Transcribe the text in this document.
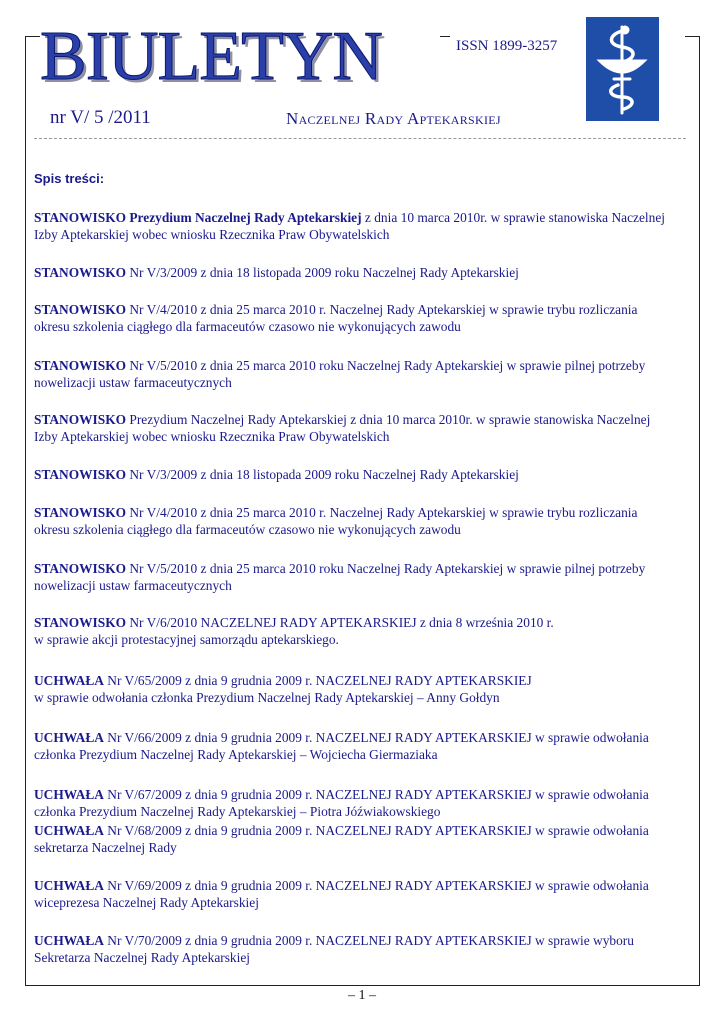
BIULETYN	ISSN 1899-3257
nr V/ 5 /2011	Naczelnej Rady Aptekarskiej
Spis treści:
STANOWISKO Prezydium Naczelnej Rady Aptekarskiej z dnia 10 marca 2010r. w sprawie stanowiska Naczelnej Izby Aptekarskiej wobec wniosku Rzecznika Praw Obywatelskich
STANOWISKO Nr V/3/2009 z dnia 18 listopada 2009 roku Naczelnej Rady Aptekarskiej
STANOWISKO Nr V/4/2010 z dnia 25 marca 2010 r. Naczelnej Rady Aptekarskiej w sprawie trybu rozliczania okresu szkolenia ciągłego dla farmaceutów czasowo nie wykonujących zawodu
STANOWISKO Nr V/5/2010 z dnia 25 marca 2010 roku Naczelnej Rady Aptekarskiej w sprawie pilnej potrzeby nowelizacji ustaw farmaceutycznych
STANOWISKO Prezydium Naczelnej Rady Aptekarskiej z dnia 10 marca 2010r. w sprawie stanowiska Naczelnej Izby Aptekarskiej wobec wniosku Rzecznika Praw Obywatelskich
STANOWISKO Nr V/3/2009 z dnia 18 listopada 2009 roku Naczelnej Rady Aptekarskiej
STANOWISKO Nr V/4/2010 z dnia 25 marca 2010 r. Naczelnej Rady Aptekarskiej w sprawie trybu rozliczania okresu szkolenia ciągłego dla farmaceutów czasowo nie wykonujących zawodu
STANOWISKO Nr V/5/2010 z dnia 25 marca 2010 roku Naczelnej Rady Aptekarskiej w sprawie pilnej potrzeby nowelizacji ustaw farmaceutycznych
STANOWISKO Nr V/6/2010 NACZELNEJ RADY APTEKARSKIEJ z dnia 8 września 2010 r.
w sprawie akcji protestacyjnej samorządu aptekarskiego.
UCHWAŁA Nr V/65/2009 z dnia 9 grudnia 2009 r. NACZELNEJ RADY APTEKARSKIEJ
w sprawie odwołania członka Prezydium Naczelnej Rady Aptekarskiej – Anny Gołdyn
UCHWAŁA Nr V/66/2009 z dnia 9 grudnia 2009 r. NACZELNEJ RADY APTEKARSKIEJ w sprawie odwołania członka Prezydium Naczelnej Rady Aptekarskiej – Wojciecha Giermaziaka
UCHWAŁA Nr V/67/2009 z dnia 9 grudnia 2009 r. NACZELNEJ RADY APTEKARSKIEJ w sprawie odwołania członka Prezydium Naczelnej Rady Aptekarskiej – Piotra Jóźwiakowskiego
UCHWAŁA Nr V/68/2009 z dnia 9 grudnia 2009 r. NACZELNEJ RADY APTEKARSKIEJ w sprawie odwołania sekretarza Naczelnej Rady
UCHWAŁA Nr V/69/2009 z dnia 9 grudnia 2009 r. NACZELNEJ RADY APTEKARSKIEJ w sprawie odwołania wiceprezesa Naczelnej Rady Aptekarskiej
UCHWAŁA Nr V/70/2009 z dnia 9 grudnia 2009 r. NACZELNEJ RADY APTEKARSKIEJ w sprawie wyboru Sekretarza Naczelnej Rady Aptekarskiej
– 1 –
